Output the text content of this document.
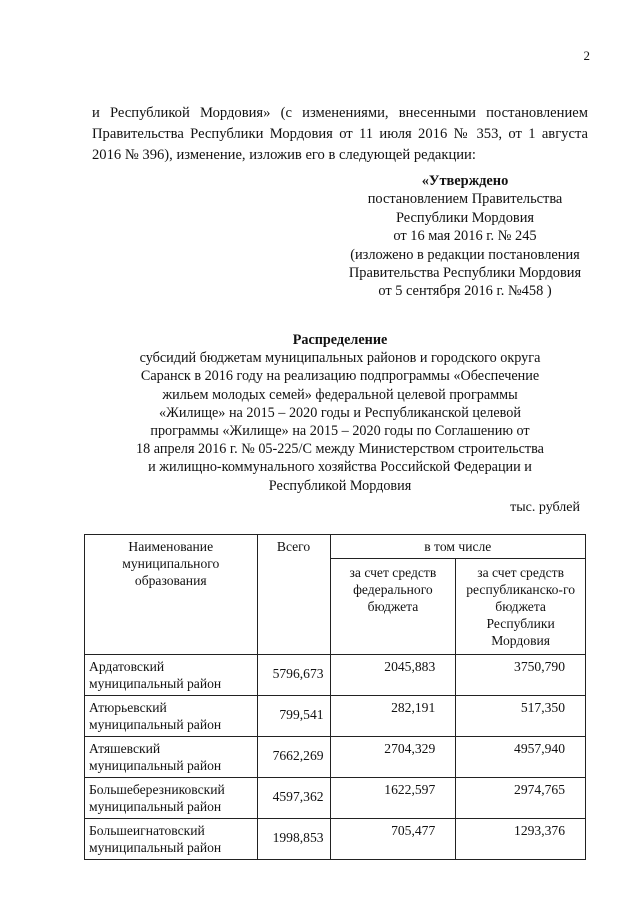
2
и Республикой Мордовия» (с изменениями, внесенными постановлением
Правительства Республики Мордовия от 11 июля 2016 № 353, от 1 августа
2016 № 396), изменение, изложив его в следующей редакции:
«Утверждено
постановлением Правительства
Республики Мордовия
от 16 мая 2016 г. № 245
(изложено в редакции постановления
Правительства Республики Мордовия
от 5 сентября 2016 г. №458 )
Распределение
субсидий бюджетам муниципальных районов и городского округа
Саранск в 2016 году на реализацию подпрограммы «Обеспечение
жильем молодых семей» федеральной целевой программы
«Жилище» на 2015 – 2020 годы и Республиканской целевой
программы «Жилище» на 2015 – 2020 годы по Соглашению от
18 апреля 2016 г. № 05-225/С между Министерством строительства
и жилищно-коммунального хозяйства Российской Федерации и
Республикой Мордовия
тыс. рублей
Наименование муниципального образования	Всего	в том числе	
		за счет средств федерального бюджета	за счет средств республиканско-го бюджета Республики Мордовия
Ардатовский муниципальный район	5796,673	2045,883	3750,790
Атюрьевский муниципальный район	799,541	282,191	517,350
Атяшевский муниципальный район	7662,269	2704,329	4957,940
Большеберезниковский муниципальный район	4597,362	1622,597	2974,765
Большеигнатовский муниципальный район	1998,853	705,477	1293,376
